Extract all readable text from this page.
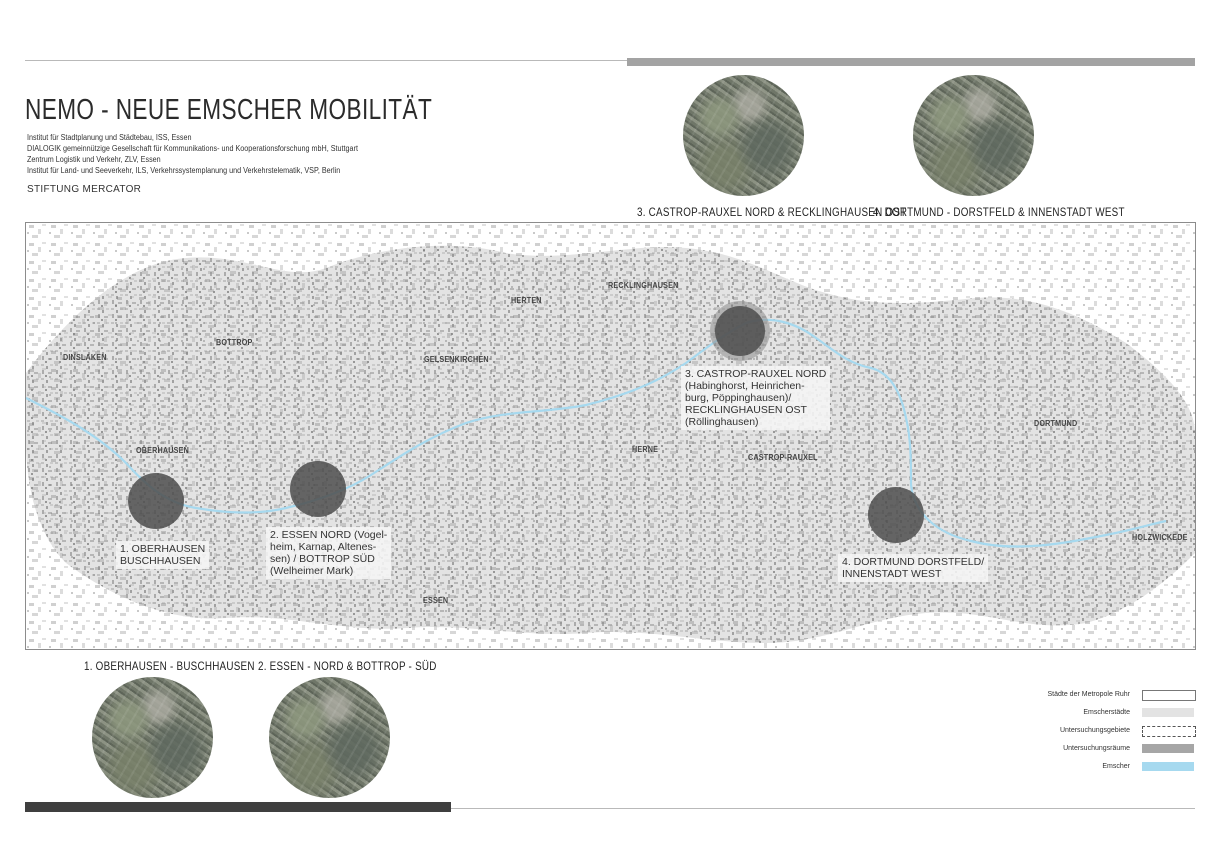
NEMO - NEUE EMSCHER MOBILITÄT
Institut für Stadtplanung und Städtebau, ISS, Essen
DIALOGIK gemeinnützige Gesellschaft für Kommunikations- und Kooperationsforschung mbH, Stuttgart
Zentrum Logistik und Verkehr, ZLV, Essen
Institut für Land- und Seeverkehr, ILS, Verkehrssystemplanung und Verkehrstelematik, VSP, Berlin
STIFTUNG MERCATOR
3. CASTROP-RAUXEL NORD & RECKLINGHAUSEN OST
4. DORTMUND - DORSTFELD & INNENSTADT WEST
DINSLAKEN
BOTTROP
GELSENKIRCHEN
HERTEN
RECKLINGHAUSEN
OBERHAUSEN	HERNE
CASTROP-RAUXEL
DORTMUND
HOLZWICKEDE
ESSEN
1. OBERHAUSEN
BUSCHHAUSEN
2. ESSEN NORD (Vogel-
heim, Karnap, Altenes-
sen) / BOTTROP SÜD
(Welheimer Mark)
3. CASTROP-RAUXEL NORD
(Habinghorst, Heinrichen-
burg, Pöppinghausen)/
RECKLINGHAUSEN OST
(Röllinghausen)
4. DORTMUND DORSTFELD/
INNENSTADT WEST
1. OBERHAUSEN - BUSCHHAUSEN 2. ESSEN - NORD & BOTTROP - SÜD
Städte der Metropole Ruhr
Emscherstädte
Untersuchungsgebiete
Untersuchungsräume
Emscher
